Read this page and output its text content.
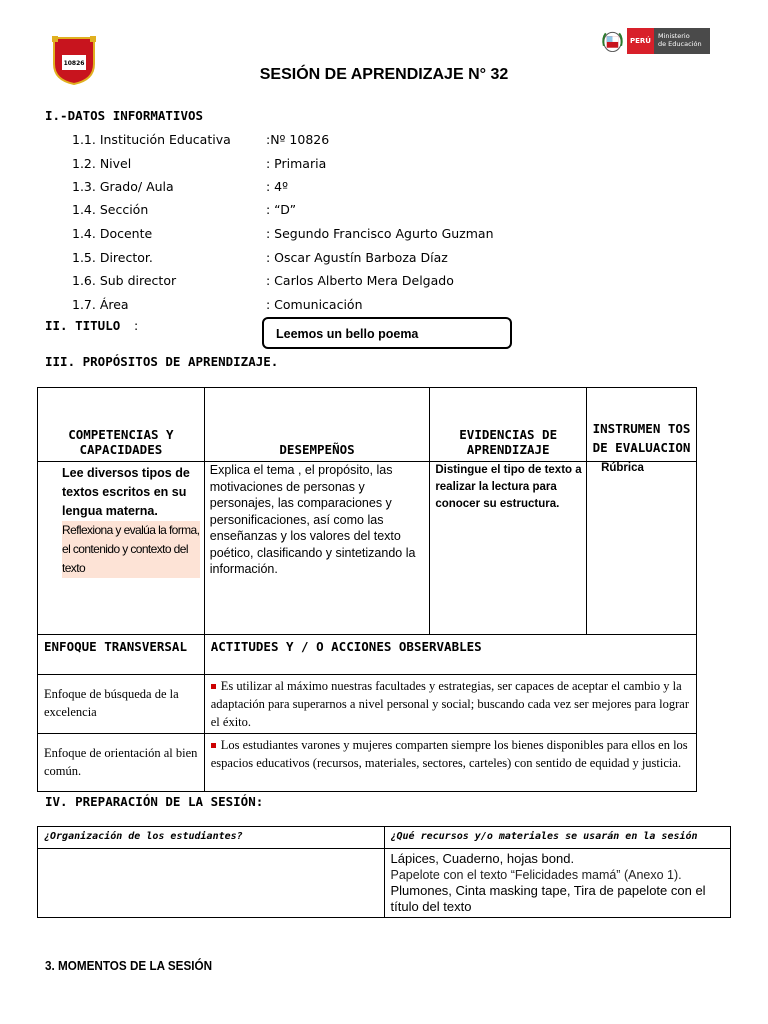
10826
PERÚ
Ministerio
de Educación
SESIÓN DE APRENDIZAJE N° 32
I.-DATOS INFORMATIVOS
1.1. Institución Educativa	:Nº 10826
1.2. Nivel	: Primaria
1.3. Grado/ Aula	: 4º
1.4. Sección	: “D”
1.4. Docente	: Segundo Francisco Agurto Guzman
1.5. Director.	: Oscar Agustín Barboza Díaz
1.6. Sub director	: Carlos Alberto Mera Delgado
1.7. Área	: Comunicación
II. TITULO :
Leemos un bello poema
III. PROPÓSITOS DE APRENDIZAJE.
COMPETENCIAS Y CAPACIDADES	DESEMPEÑOS	EVIDENCIAS DE APRENDIZAJE	INSTRUMEN TOS DE EVALUACION

Lee diversos tipos de textos escritos en su lengua materna.
Reflexiona y evalúa la forma, el contenido y contexto del texto	Explica el tema , el propósito, las motivaciones de personas y personajes, las comparaciones y personificaciones, así como las enseñanzas y los valores del texto poético, clasificando y sintetizando la información.	Distingue el tipo de texto a realizar la lectura para conocer su estructura.	Rúbrica
ENFOQUE TRANSVERSAL	ACTITUDES Y / O ACCIONES OBSERVABLES		
Enfoque de búsqueda de la excelencia	Es utilizar al máximo nuestras facultades y estrategias, ser capaces de aceptar el cambio y la adaptación para superarnos a nivel personal y social; buscando cada vez ser mejores para lograr el éxito.		
Enfoque de orientación al bien común.	Los estudiantes varones y mujeres comparten siempre los bienes disponibles para ellos en los espacios educativos (recursos, materiales, sectores, carteles) con sentido de equidad y justicia.		
IV. PREPARACIÓN DE LA SESIÓN:
¿Organización de los estudiantes?	¿Qué recursos y/o materiales se usarán en la sesión

	Lápices, Cuaderno, hojas bond.
Papelote con el texto “Felicidades mamá” (Anexo 1).
Plumones, Cinta masking tape, Tira de papelote con el título del texto
3. MOMENTOS DE LA SESIÓN
